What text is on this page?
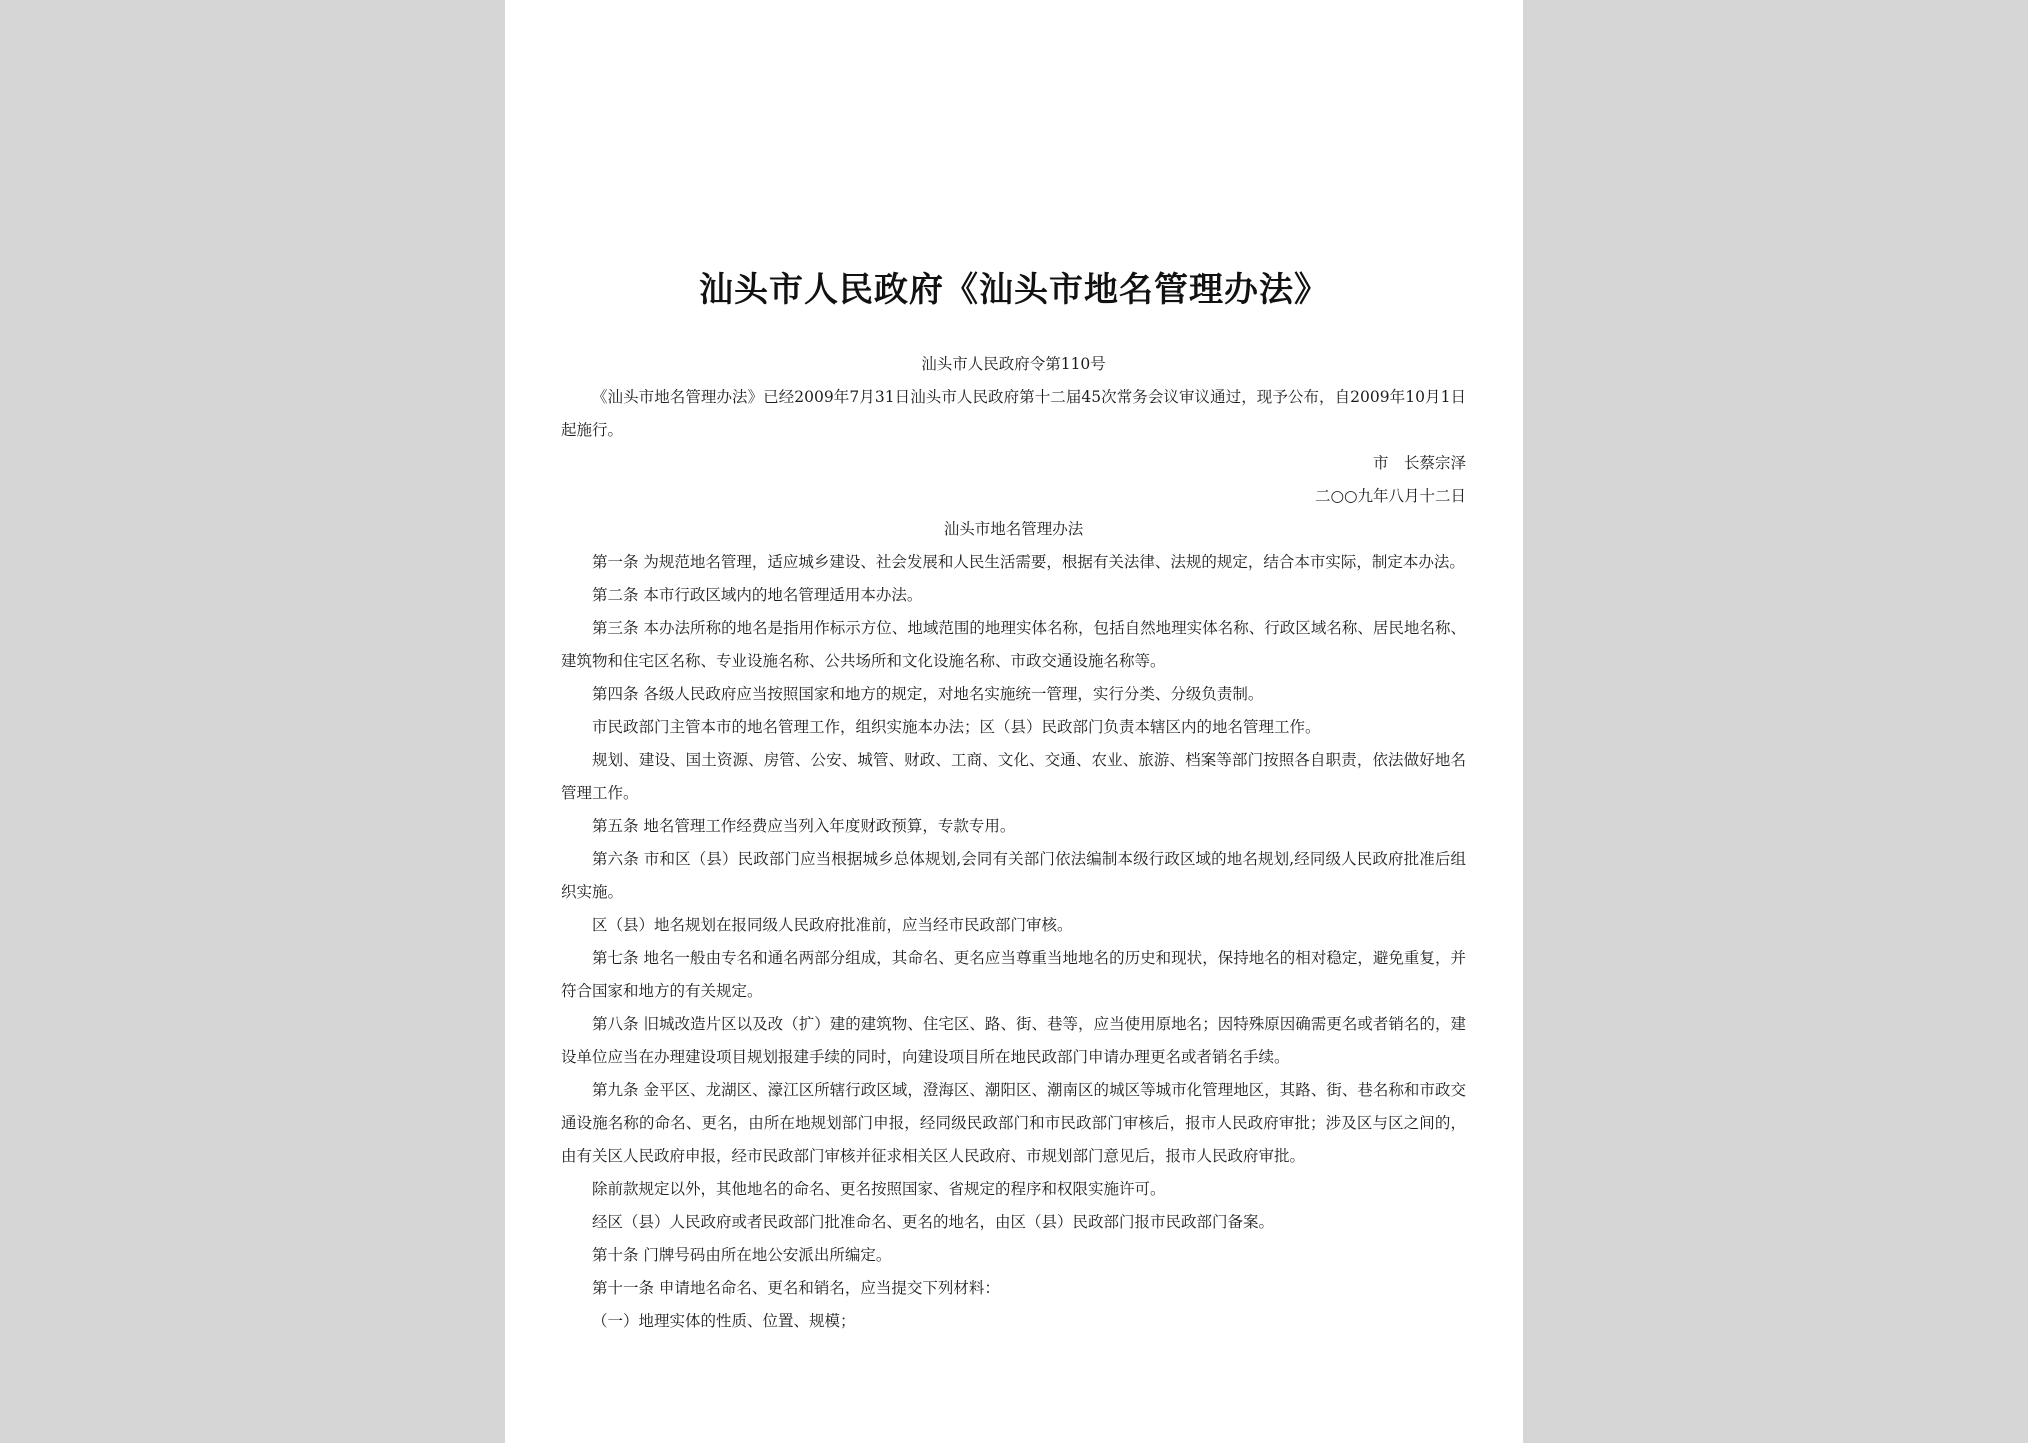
汕头市人民政府《汕头市地名管理办法》

汕头市人民政府令第110号

《汕头市地名管理办法》已经2009年7月31日汕头市人民政府第十二届45次常务会议审议通过，现予公布，自2009年10月1日起施行。

市　长蔡宗泽

二○○九年八月十二日

汕头市地名管理办法

第一条 为规范地名管理，适应城乡建设、社会发展和人民生活需要，根据有关法律、法规的规定，结合本市实际，制定本办法。

第二条 本市行政区域内的地名管理适用本办法。

第三条 本办法所称的地名是指用作标示方位、地域范围的地理实体名称，包括自然地理实体名称、行政区域名称、居民地名称、建筑物和住宅区名称、专业设施名称、公共场所和文化设施名称、市政交通设施名称等。

第四条 各级人民政府应当按照国家和地方的规定，对地名实施统一管理，实行分类、分级负责制。

市民政部门主管本市的地名管理工作，组织实施本办法；区（县）民政部门负责本辖区内的地名管理工作。

规划、建设、国土资源、房管、公安、城管、财政、工商、文化、交通、农业、旅游、档案等部门按照各自职责，依法做好地名管理工作。

第五条 地名管理工作经费应当列入年度财政预算，专款专用。

第六条 市和区（县）民政部门应当根据城乡总体规划,会同有关部门依法编制本级行政区域的地名规划,经同级人民政府批准后组织实施。

区（县）地名规划在报同级人民政府批准前，应当经市民政部门审核。

第七条 地名一般由专名和通名两部分组成，其命名、更名应当尊重当地地名的历史和现状，保持地名的相对稳定，避免重复，并符合国家和地方的有关规定。

第八条 旧城改造片区以及改（扩）建的建筑物、住宅区、路、街、巷等，应当使用原地名；因特殊原因确需更名或者销名的，建设单位应当在办理建设项目规划报建手续的同时，向建设项目所在地民政部门申请办理更名或者销名手续。

第九条 金平区、龙湖区、濠江区所辖行政区域，澄海区、潮阳区、潮南区的城区等城市化管理地区，其路、街、巷名称和市政交通设施名称的命名、更名，由所在地规划部门申报，经同级民政部门和市民政部门审核后，报市人民政府审批；涉及区与区之间的，由有关区人民政府申报，经市民政部门审核并征求相关区人民政府、市规划部门意见后，报市人民政府审批。

除前款规定以外，其他地名的命名、更名按照国家、省规定的程序和权限实施许可。

经区（县）人民政府或者民政部门批准命名、更名的地名，由区（县）民政部门报市民政部门备案。

第十条 门牌号码由所在地公安派出所编定。

第十一条 申请地名命名、更名和销名，应当提交下列材料：

（一）地理实体的性质、位置、规模；
